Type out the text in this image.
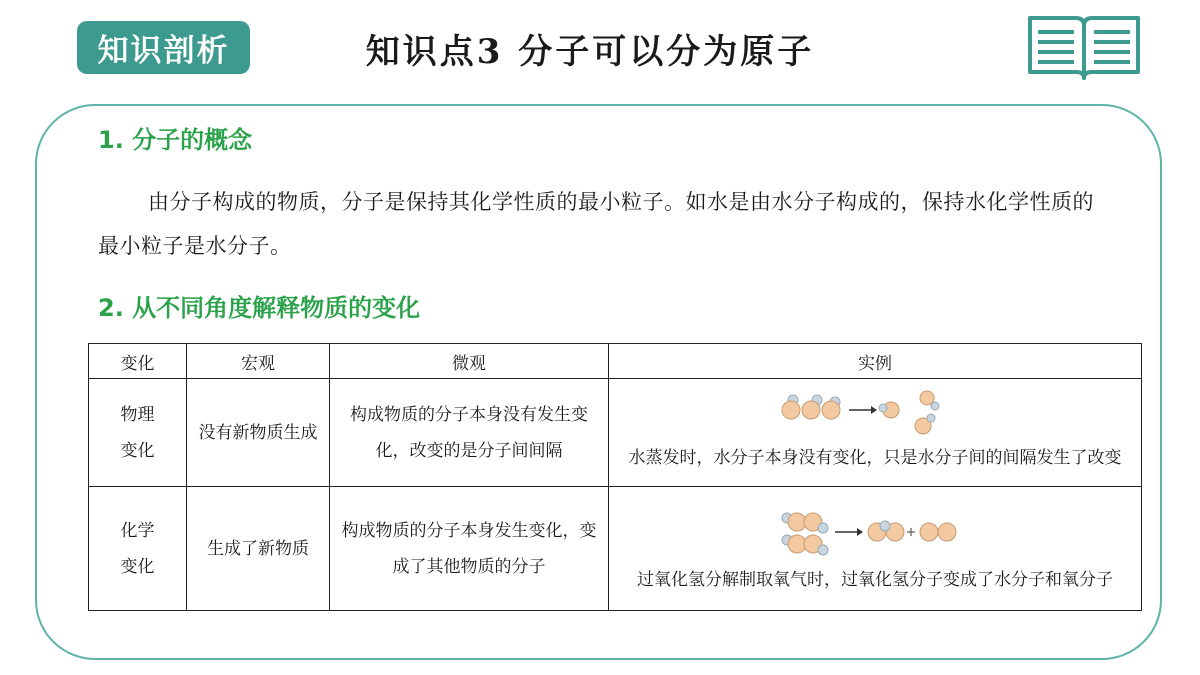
知识剖析	知识点3 分子可以分为原子
1. 分子的概念
由分子构成的物质，分子是保持其化学性质的最小粒子。如水是由水分子构成的，保持水化学性质的最小粒子是水分子。
2. 从不同角度解释物质的变化
变化	宏观	微观	实例

物理
变化	没有新物质生成	构成物质的分子本身没有发生变化，改变的是分子间间隔	水蒸发时，水分子本身没有变化，只是水分子间的间隔发生了改变

化学
变化	生成了新物质	构成物质的分子本身发生变化，变成了其他物质的分子	过氧化氢分解制取氧气时，过氧化氢分子变成了水分子和氧分子
